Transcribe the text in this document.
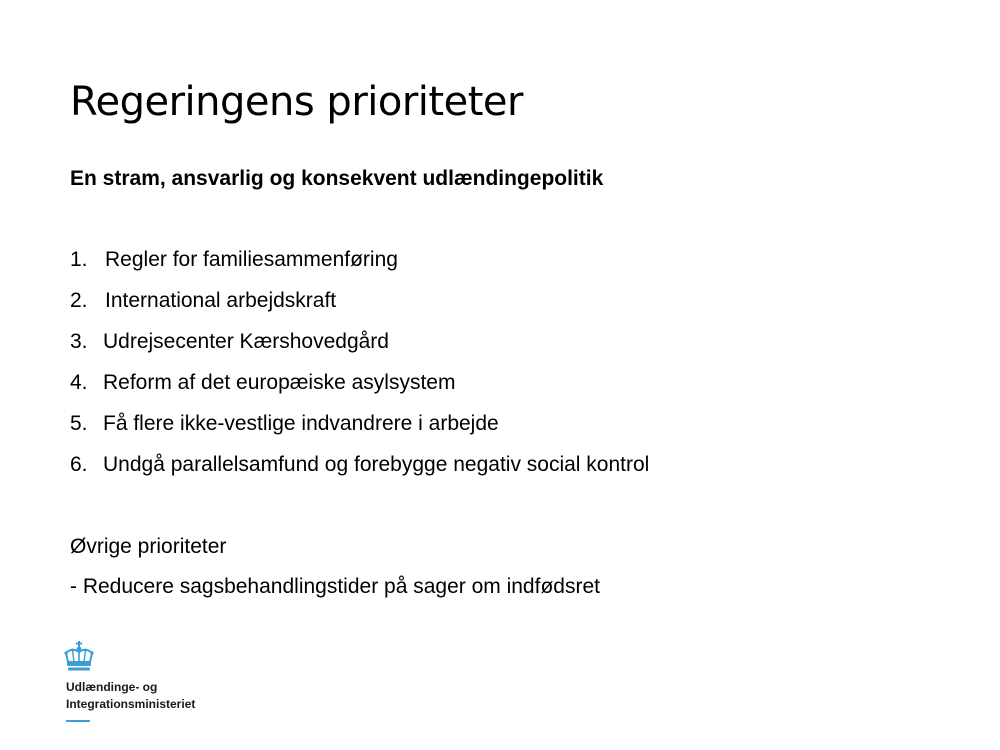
Regeringens prioriteter

En stram, ansvarlig og konsekvent udlændingepolitik

1. Regler for familiesammenføring
2. International arbejdskraft
3. Udrejsecenter Kærshovedgård
4. Reform af det europæiske asylsystem
5. Få flere ikke-vestlige indvandrere i arbejde
6. Undgå parallelsamfund og forebygge negativ social kontrol

Øvrige prioriteter

- Reducere sagsbehandlingstider på sager om indfødsret

Udlændinge- og
Integrationsministeriet
